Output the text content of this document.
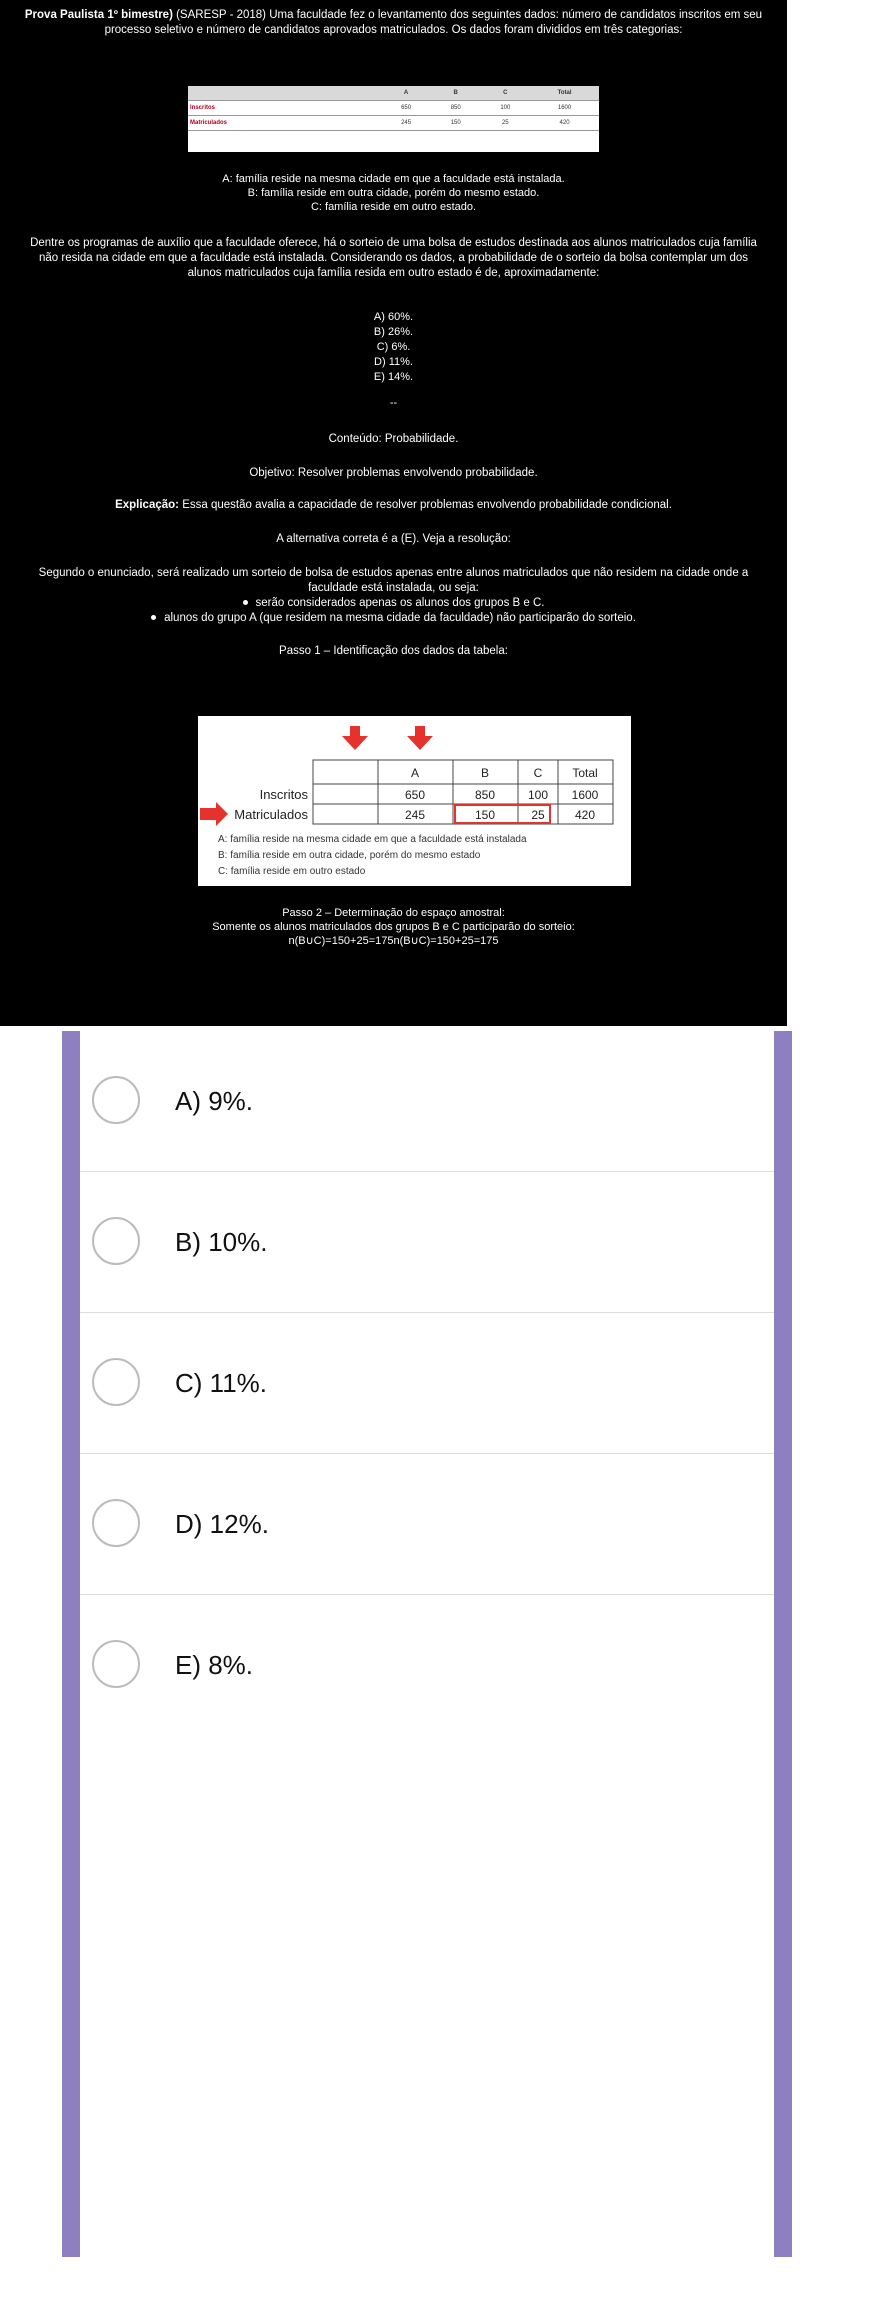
Prova Paulista 1º bimestre) (SARESP - 2018) Uma faculdade fez o levantamento dos seguintes dados: número de candidatos inscritos em seu processo seletivo e número de candidatos aprovados matriculados. Os dados foram divididos em três categorias:

	A	B	C	Total
Inscritos	650	850	100	1600
Matriculados	245	150	25	420

A: família reside na mesma cidade em que a faculdade está instalada.

B: família reside em outra cidade, porém do mesmo estado.

C: família reside em outro estado.

Dentre os programas de auxílio que a faculdade oferece, há o sorteio de uma bolsa de estudos destinada aos alunos matriculados cuja família não resida na cidade em que a faculdade está instalada. Considerando os dados, a probabilidade de o sorteio da bolsa contemplar um dos alunos matriculados cuja família resida em outro estado é de, aproximadamente:

A) 60%.

B) 26%.

C) 6%.

D) 11%.

E) 14%.

--

Conteúdo: Probabilidade.

Objetivo: Resolver problemas envolvendo probabilidade.

Explicação: Essa questão avalia a capacidade de resolver problemas envolvendo probabilidade condicional.

A alternativa correta é a (E). Veja a resolução:

Segundo o enunciado, será realizado um sorteio de bolsa de estudos apenas entre alunos matriculados que não residem na cidade onde a faculdade está instalada, ou seja:

serão considerados apenas os alunos dos grupos B e C.

alunos do grupo A (que residem na mesma cidade da faculdade) não participarão do sorteio.

Passo 1 – Identificação dos dados da tabela:

A	B	C Total
Inscritos	650	850	100 1600
Matriculados	245	150	25	420
A: família reside na mesma cidade em que a faculdade está instalada
B: família reside em outra cidade, porém do mesmo estado
C: família reside em outro estado

Passo 2 – Determinação do espaço amostral:

Somente os alunos matriculados dos grupos B e C participarão do sorteio:

n(B∪C)=150+25=175n(B∪C)=150+25=175

A) 9%.
B) 10%.
C) 11%.
D) 12%.
E) 8%.
